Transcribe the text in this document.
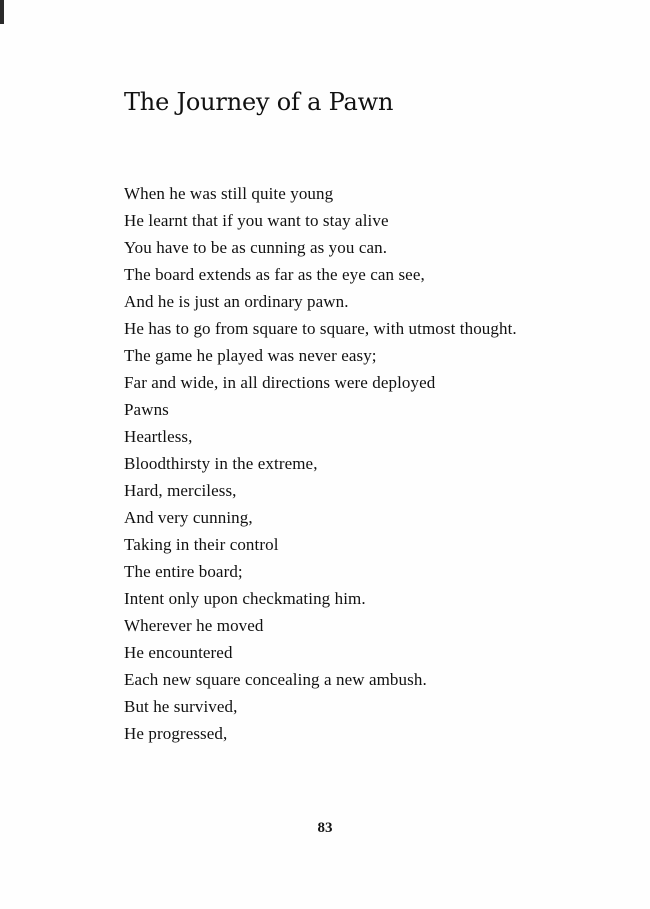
The Journey of a Pawn
When he was still quite young
He learnt that if you want to stay alive
You have to be as cunning as you can.
The board extends as far as the eye can see,
And he is just an ordinary pawn.
He has to go from square to square, with utmost thought.
The game he played was never easy;
Far and wide, in all directions were deployed
Pawns
Heartless,
Bloodthirsty in the extreme,
Hard, merciless,
And very cunning,
Taking in their control
The entire board;
Intent only upon checkmating him.
Wherever he moved
He encountered
Each new square concealing a new ambush.
But he survived,
He progressed,
83
